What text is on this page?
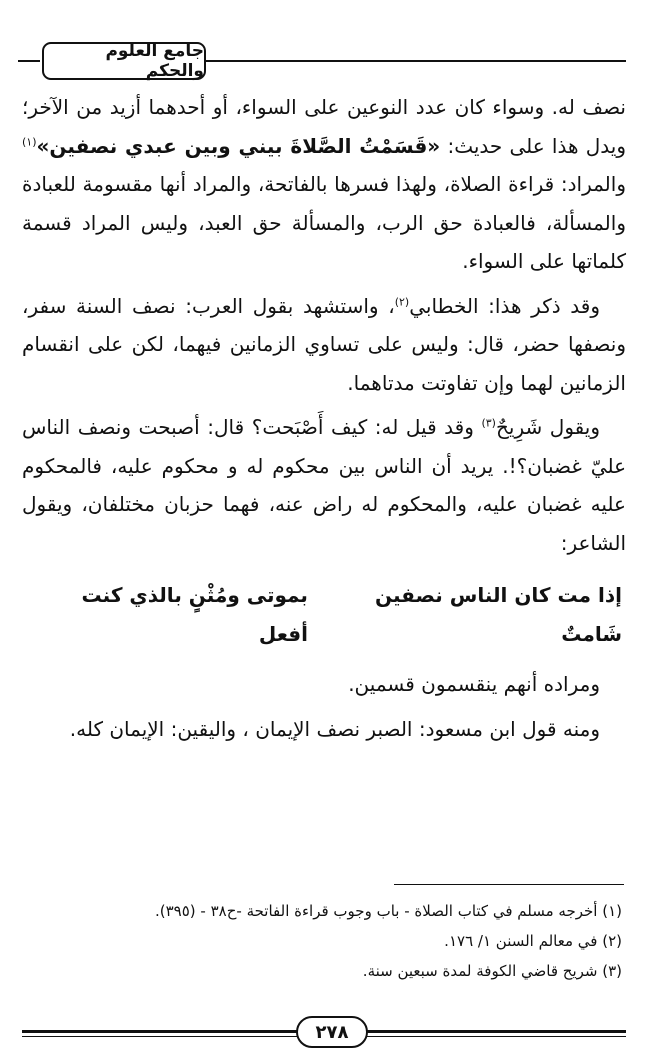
جامع العلوم والحكم

نصف له. وسواء كان عدد النوعين على السواء، أو أحدهما أزيد من الآخر؛ ويدل هذا على حديث: «قَسَمْتُ الصَّلاةَ بيني وبين عبدي نصفين»$^{(١)}$ والمراد: قراءة الصلاة، ولهذا فسرها بالفاتحة، والمراد أنها مقسومة للعبادة والمسألة، فالعبادة حق الرب، والمسألة حق العبد، وليس المراد قسمة كلماتها على السواء.

وقد ذكر هذا: الخطابي$^{(٢)}$، واستشهد بقول العرب: نصف السنة سفر، ونصفها حضر، قال: وليس على تساوي الزمانين فيهما، لكن على انقسام الزمانين لهما وإن تفاوتت مدتاهما.

ويقول شَرِيحٌ$^{(٣)}$ وقد قيل له: كيف أَصْبَحت؟ قال: أصبحت ونصف الناس عليّ غضبان؟!. يريد أن الناس بين محكوم له و محكوم عليه، فالمحكوم عليه غضبان عليه، والمحكوم له راض عنه، فهما حزبان مختلفان، ويقول الشاعر:

إذا مت كان الناس نصفين شَامتٌ
بموتى ومُثْنٍ بالذي كنت أفعل

ومراده أنهم ينقسمون قسمين.

ومنه قول ابن مسعود: الصبر نصف الإيمان ، واليقين: الإيمان كله.

(١) أخرجه مسلم في كتاب الصلاة - باب وجوب قراءة الفاتحة -ح٣٨ - (٣٩٥).

(٢) في معالم السنن ١/ ١٧٦.

(٣) شريح قاضي الكوفة لمدة سبعين سنة.

٢٧٨
